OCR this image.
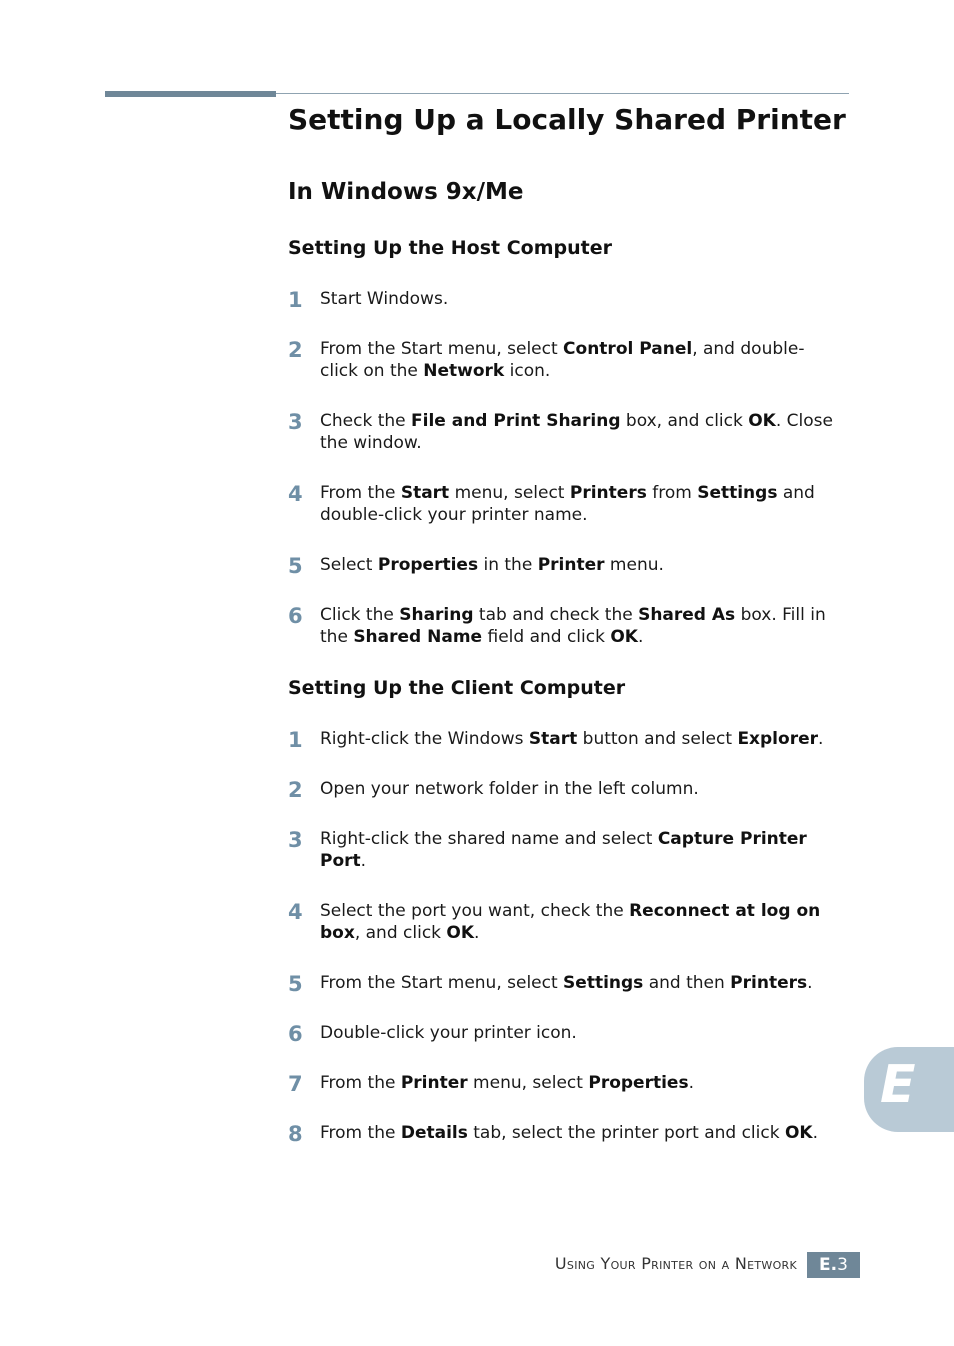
Setting Up a Locally Shared Printer
In Windows 9x/Me
Setting Up the Host Computer
1 Start Windows.
2 From the Start menu, select Control Panel, and double-
click on the Network icon.
3 Check the File and Print Sharing box, and click OK. Close
the window.
4 From the Start menu, select Printers from Settings and
double-click your printer name.
5 Select Properties in the Printer menu.
6 Click the Sharing tab and check the Shared As box. Fill in
the Shared Name field and click OK.
Setting Up the Client Computer
1 Right-click the Windows Start button and select Explorer.
2 Open your network folder in the left column.
3 Right-click the shared name and select Capture Printer
Port.
4 Select the port you want, check the Reconnect at log on
box, and click OK.
5 From the Start menu, select Settings and then Printers.
6 Double-click your printer icon.
7 From the Printer menu, select Properties.
8 From the Details tab, select the printer port and click OK.
E
Using Your Printer on a Network	E.3
